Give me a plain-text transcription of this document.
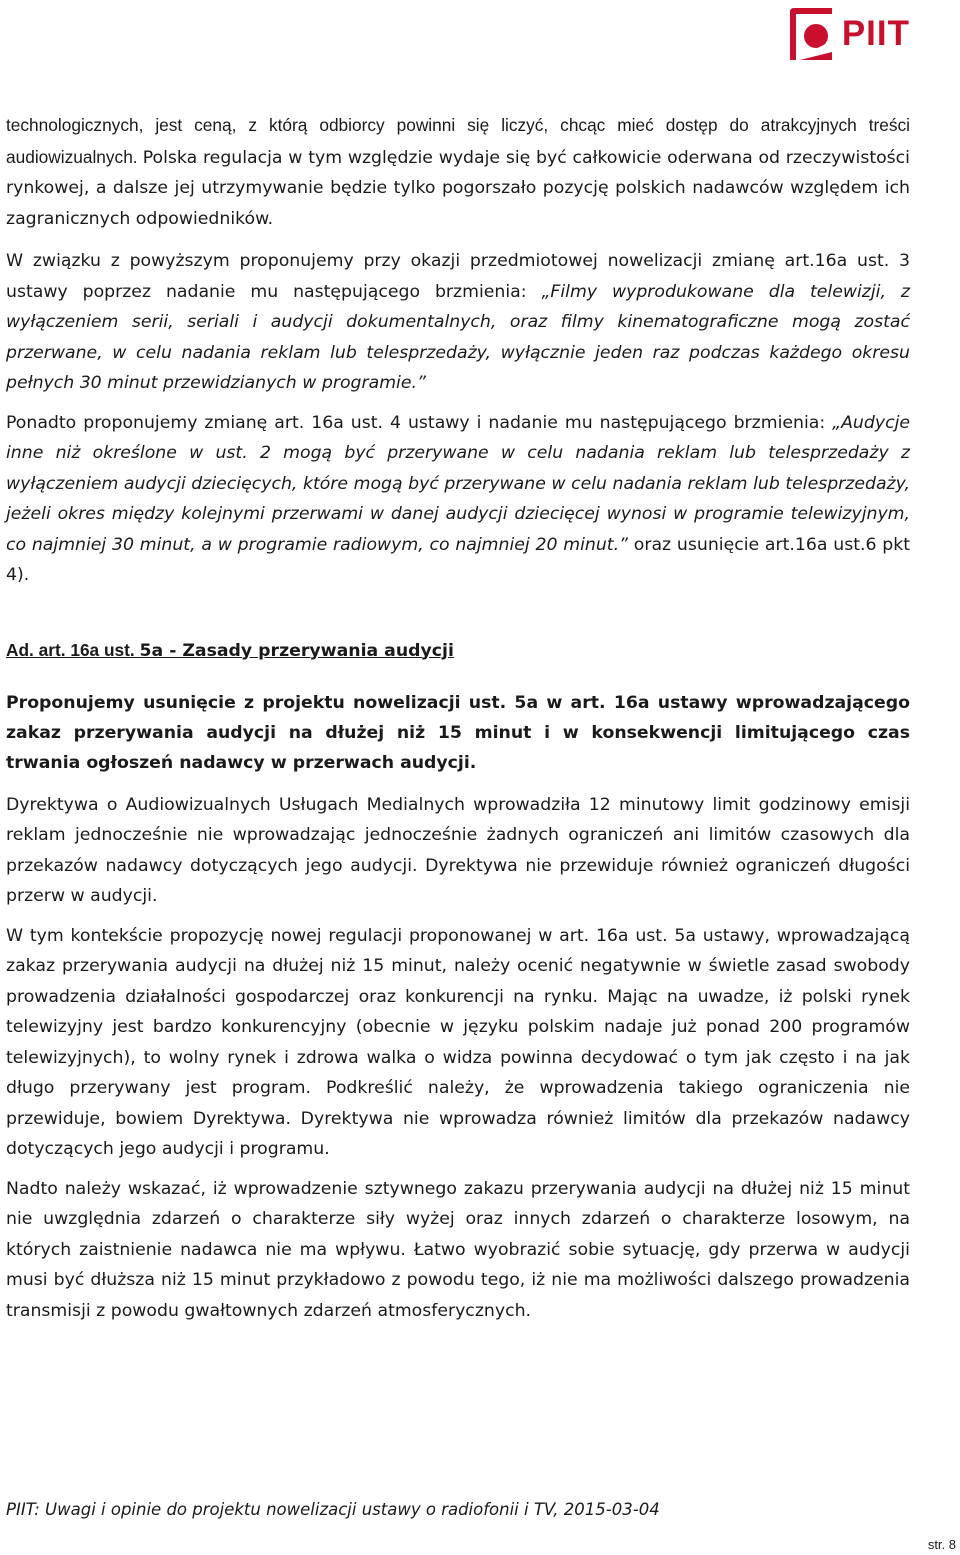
PIIT

technologicznych, jest ceną, z którą odbiorcy powinni się liczyć, chcąc mieć dostęp do atrakcyjnych treści audiowizualnych. Polska regulacja w tym względzie wydaje się być całkowicie oderwana od rzeczywistości rynkowej, a dalsze jej utrzymywanie będzie tylko pogorszało pozycję polskich nadawców względem ich zagranicznych odpowiedników.

W związku z powyższym proponujemy przy okazji przedmiotowej nowelizacji zmianę art.16a ust. 3 ustawy poprzez nadanie mu następującego brzmienia: „Filmy wyprodukowane dla telewizji, z wyłączeniem serii, seriali i audycji dokumentalnych, oraz filmy kinematograficzne mogą zostać przerwane, w celu nadania reklam lub telesprzedaży, wyłącznie jeden raz podczas każdego okresu pełnych 30 minut przewidzianych w programie.”

Ponadto proponujemy zmianę art. 16a ust. 4 ustawy i nadanie mu następującego brzmienia: „Audycje inne niż określone w ust. 2 mogą być przerywane w celu nadania reklam lub telesprzedaży z wyłączeniem audycji dziecięcych, które mogą być przerywane w celu nadania reklam lub telesprzedaży, jeżeli okres między kolejnymi przerwami w danej audycji dziecięcej wynosi w programie telewizyjnym, co najmniej 30 minut, a w programie radiowym, co najmniej 20 minut.” oraz usunięcie art.16a ust.6 pkt 4).

Ad. art. 16a ust. 5a - Zasady przerywania audycji

Proponujemy usunięcie z projektu nowelizacji ust. 5a w art. 16a ustawy wprowadzającego zakaz przerywania audycji na dłużej niż 15 minut i w konsekwencji limitującego czas trwania ogłoszeń nadawcy w przerwach audycji.

Dyrektywa o Audiowizualnych Usługach Medialnych wprowadziła 12 minutowy limit godzinowy emisji reklam jednocześnie nie wprowadzając jednocześnie żadnych ograniczeń ani limitów czasowych dla przekazów nadawcy dotyczących jego audycji. Dyrektywa nie przewiduje również ograniczeń długości przerw w audycji.

W tym kontekście propozycję nowej regulacji proponowanej w art. 16a ust. 5a ustawy, wprowadzającą zakaz przerywania audycji na dłużej niż 15 minut, należy ocenić negatywnie w świetle zasad swobody prowadzenia działalności gospodarczej oraz konkurencji na rynku. Mając na uwadze, iż polski rynek telewizyjny jest bardzo konkurencyjny (obecnie w języku polskim nadaje już ponad 200 programów telewizyjnych), to wolny rynek i zdrowa walka o widza powinna decydować o tym jak często i na jak długo przerywany jest program. Podkreślić należy, że wprowadzenia takiego ograniczenia nie przewiduje, bowiem Dyrektywa. Dyrektywa nie wprowadza również limitów dla przekazów nadawcy dotyczących jego audycji i programu.

Nadto należy wskazać, iż wprowadzenie sztywnego zakazu przerywania audycji na dłużej niż 15 minut nie uwzględnia zdarzeń o charakterze siły wyżej oraz innych zdarzeń o charakterze losowym, na których zaistnienie nadawca nie ma wpływu. Łatwo wyobrazić sobie sytuację, gdy przerwa w audycji musi być dłuższa niż 15 minut przykładowo z powodu tego, iż nie ma możliwości dalszego prowadzenia transmisji z powodu gwałtownych zdarzeń atmosferycznych.

PIIT: Uwagi i opinie do projektu nowelizacji ustawy o radiofonii i TV, 2015-03-04
str. 8
